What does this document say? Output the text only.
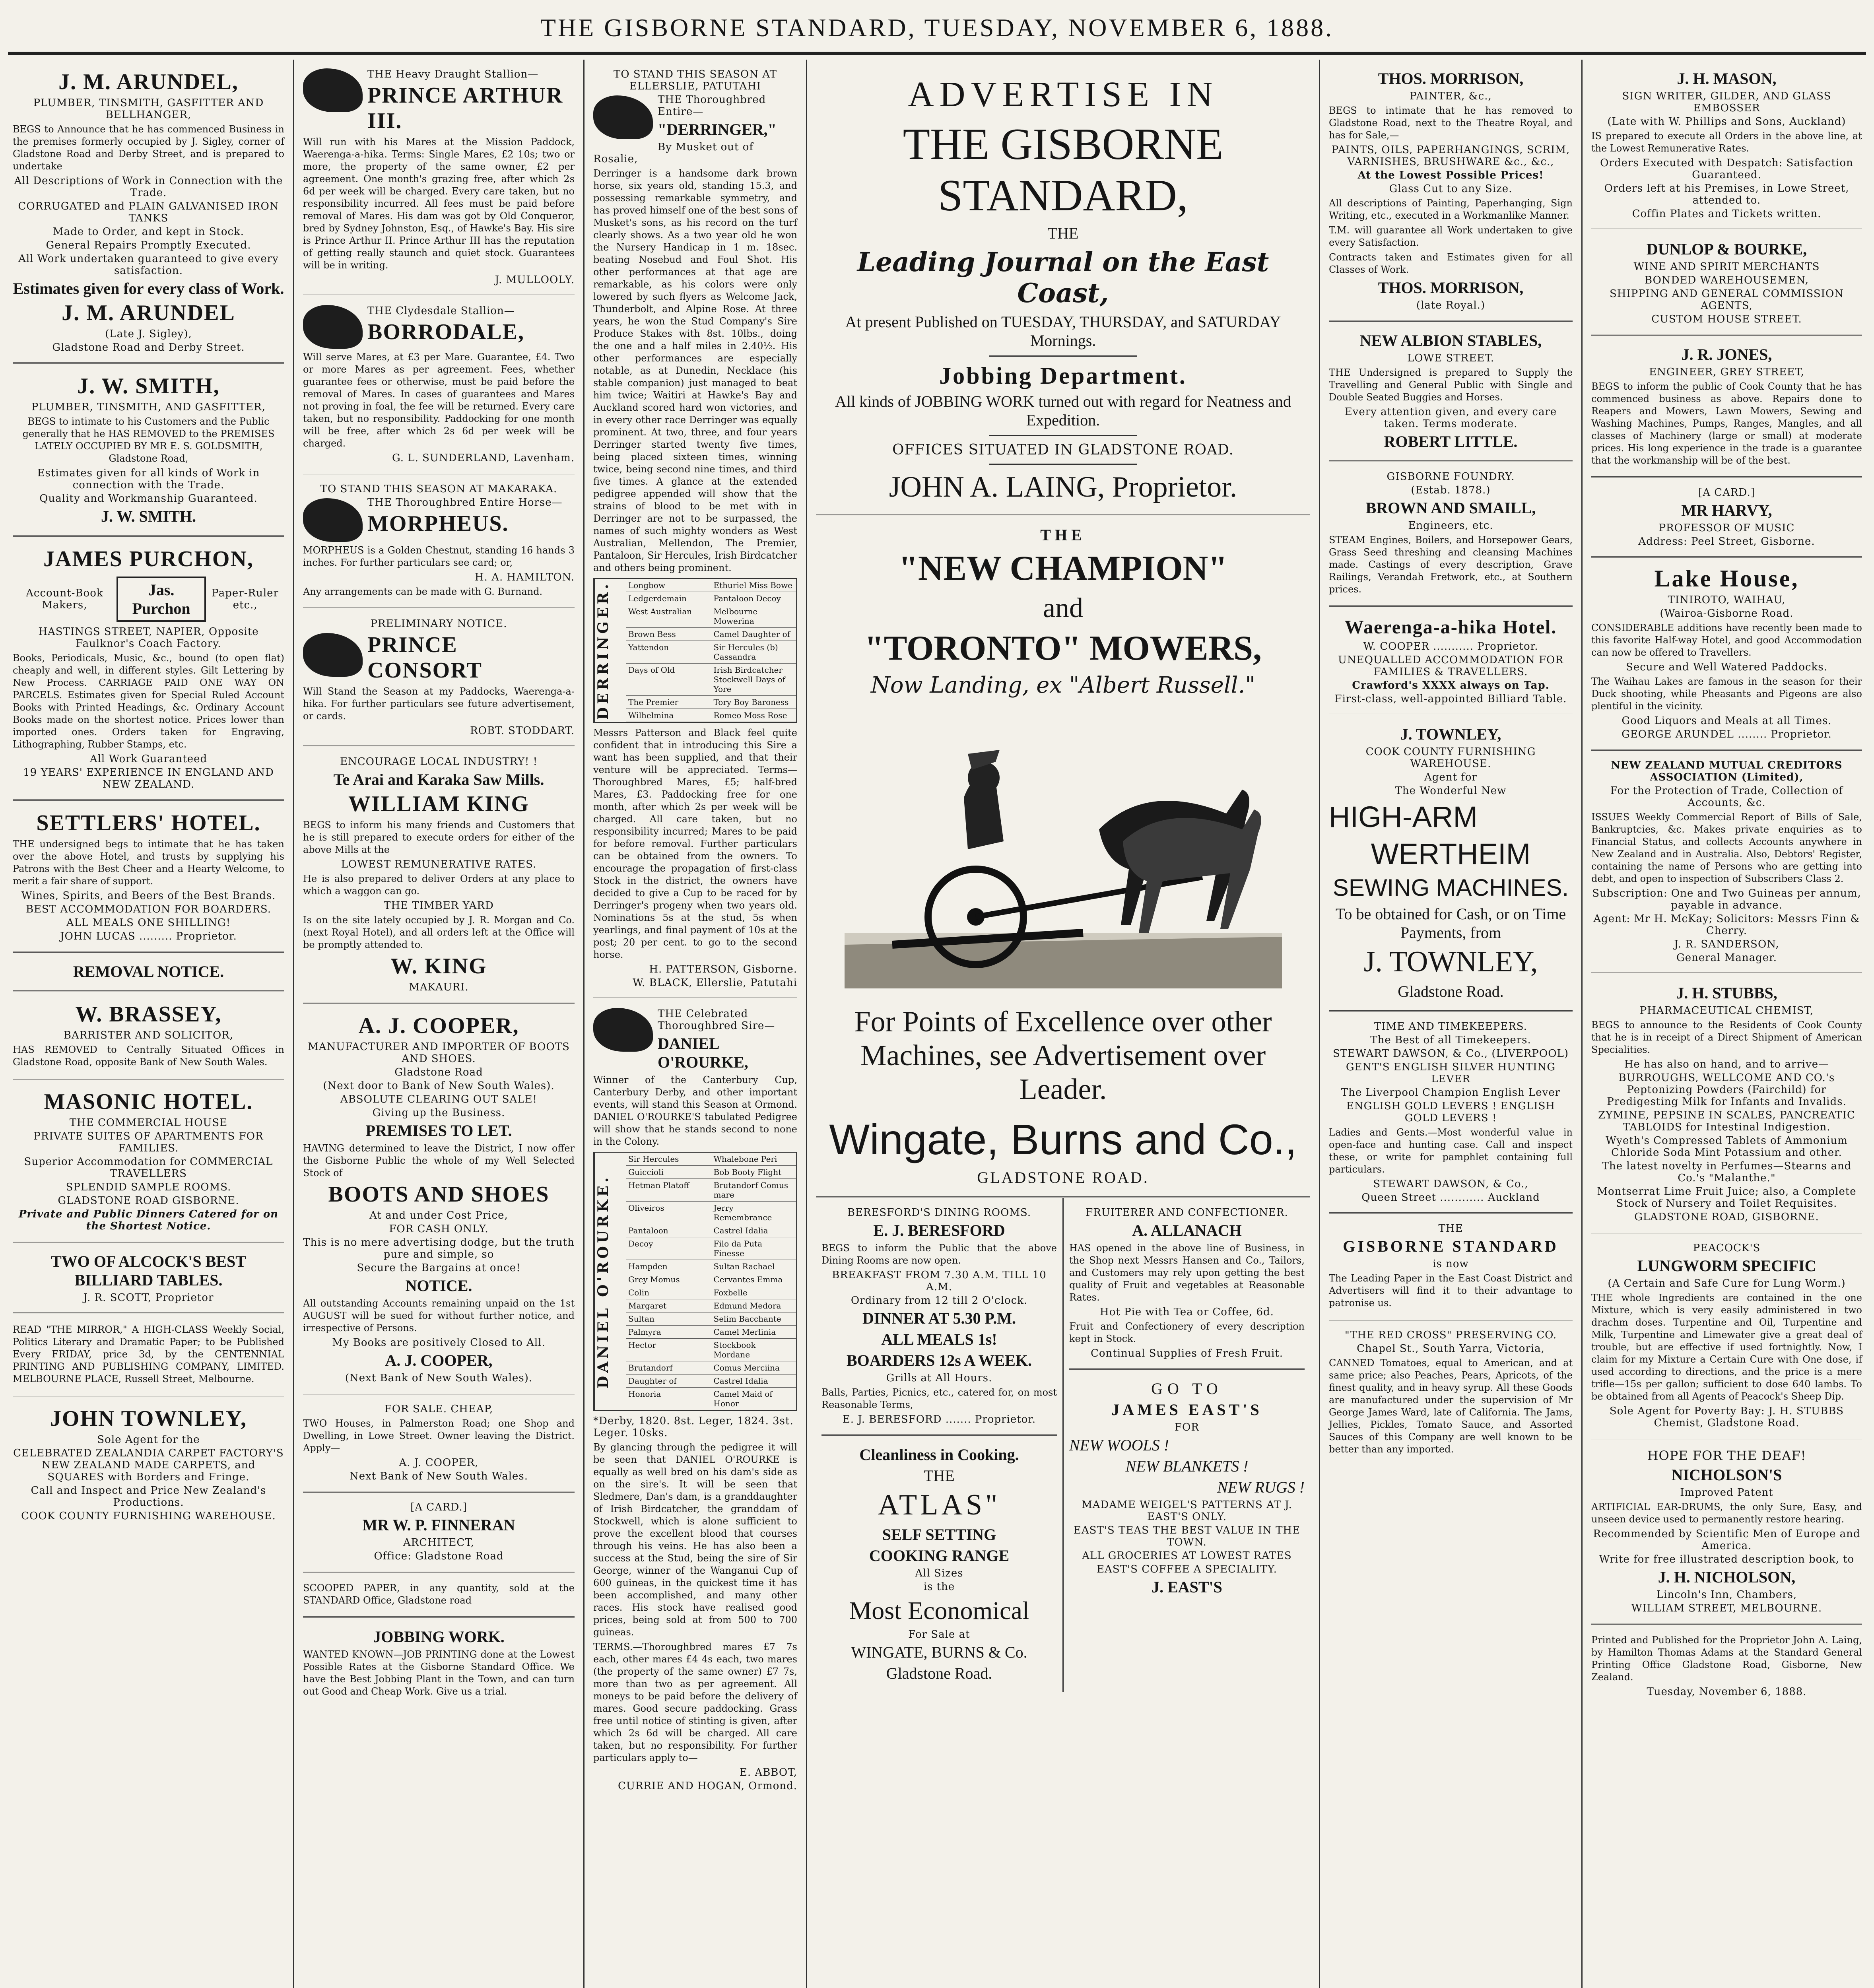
THE GISBORNE STANDARD, TUESDAY, NOVEMBER 6, 1888.
J. M. ARUNDEL,
PLUMBER, TINSMITH, GASFITTER AND BELLHANGER,
BEGS to Announce that he has commenced Business in the premises formerly occupied by J. Sigley, corner of Gladstone Road and Derby Street, and is prepared to undertake
All Descriptions of Work in Connection with the Trade.
CORRUGATED and PLAIN GALVANISED IRON TANKS
Made to Order, and kept in Stock.
General Repairs Promptly Executed.
All Work undertaken guaranteed to give every satisfaction.
Estimates given for every class of Work.
J. M. ARUNDEL
(Late J. Sigley),
Gladstone Road and Derby Street.
J. W. SMITH,
PLUMBER, TINSMITH, AND GASFITTER,
BEGS to intimate to his Customers and the Public generally that he HAS REMOVED to the PREMISES LATELY OCCUPIED BY MR E. S. GOLDSMITH, Gladstone Road,
Estimates given for all kinds of Work in connection with the Trade.
Quality and Workmanship Guaranteed.
J. W. SMITH.
JAMES PURCHON,
Account-Book Makers,
Jas. Purchon
Paper-Ruler etc.,
HASTINGS STREET, NAPIER, Opposite Faulknor's Coach Factory.
Books, Periodicals, Music, &c., bound (to open flat) cheaply and well, in different styles. Gilt Lettering by New Process. CARRIAGE PAID ONE WAY ON PARCELS. Estimates given for Special Ruled Account Books with Printed Headings, &c. Ordinary Account Books made on the shortest notice. Prices lower than imported ones. Orders taken for Engraving, Lithographing, Rubber Stamps, etc.
All Work Guaranteed
19 YEARS' EXPERIENCE IN ENGLAND AND NEW ZEALAND.
SETTLERS' HOTEL.
THE undersigned begs to intimate that he has taken over the above Hotel, and trusts by supplying his Patrons with the Best Cheer and a Hearty Welcome, to merit a fair share of support.
Wines, Spirits, and Beers of the Best Brands.
BEST ACCOMMODATION FOR BOARDERS.
ALL MEALS ONE SHILLING!
JOHN LUCAS ......... Proprietor.
REMOVAL NOTICE.
W. BRASSEY,
BARRISTER AND SOLICITOR,
HAS REMOVED to Centrally Situated Offices in Gladstone Road, opposite Bank of New South Wales.
MASONIC HOTEL.
THE COMMERCIAL HOUSE
PRIVATE SUITES OF APARTMENTS FOR FAMILIES.
Superior Accommodation for COMMERCIAL TRAVELLERS
SPLENDID SAMPLE ROOMS.
GLADSTONE ROAD GISBORNE.
Private and Public Dinners Catered for on the Shortest Notice.
TWO OF ALCOCK'S BEST BILLIARD TABLES.
J. R. SCOTT, Proprietor
READ "THE MIRROR," A HIGH-CLASS Weekly Social, Politics Literary and Dramatic Paper; to be Published Every FRIDAY, price 3d, by the CENTENNIAL PRINTING AND PUBLISHING COMPANY, LIMITED. MELBOURNE PLACE, Russell Street, Melbourne.
JOHN TOWNLEY,
Sole Agent for the
CELEBRATED ZEALANDIA CARPET FACTORY'S NEW ZEALAND MADE CARPETS, and SQUARES with Borders and Fringe.
Call and Inspect and Price New Zealand's Productions.
COOK COUNTY FURNISHING WAREHOUSE.
THE Heavy Draught Stallion—
PRINCE ARTHUR III.
Will run with his Mares at the Mission Paddock, Waerenga-a-hika. Terms: Single Mares, £2 10s; two or more, the property of the same owner, £2 per agreement. One month's grazing free, after which 2s 6d per week will be charged. Every care taken, but no responsibility incurred. All fees must be paid before removal of Mares. His dam was got by Old Conqueror, bred by Sydney Johnston, Esq., of Hawke's Bay. His sire is Prince Arthur II. Prince Arthur III has the reputation of getting really staunch and quiet stock. Guarantees will be in writing.
J. MULLOOLY.
THE Clydesdale Stallion—
BORRODALE,
Will serve Mares, at £3 per Mare. Guarantee, £4. Two or more Mares as per agreement. Fees, whether guarantee fees or otherwise, must be paid before the removal of Mares. In cases of guarantees and Mares not proving in foal, the fee will be returned. Every care taken, but no responsibility. Paddocking for one month will be free, after which 2s 6d per week will be charged.
G. L. SUNDERLAND, Lavenham.
TO STAND THIS SEASON AT MAKARAKA.
THE Thoroughbred Entire Horse—
MORPHEUS.
MORPHEUS is a Golden Chestnut, standing 16 hands 3 inches. For further particulars see card; or,
H. A. HAMILTON.
Any arrangements can be made with G. Burnand.
PRELIMINARY NOTICE.
PRINCE CONSORT
Will Stand the Season at my Paddocks, Waerenga-a-hika. For further particulars see future advertisement, or cards.
ROBT. STODDART.
ENCOURAGE LOCAL INDUSTRY! !
Te Arai and Karaka Saw Mills.
WILLIAM KING
BEGS to inform his many friends and Customers that he is still prepared to execute orders for either of the above Mills at the
LOWEST REMUNERATIVE RATES.
He is also prepared to deliver Orders at any place to which a waggon can go.
THE TIMBER YARD
Is on the site lately occupied by J. R. Morgan and Co. (next Royal Hotel), and all orders left at the Office will be promptly attended to.
W. KING
MAKAURI.
A. J. COOPER,
MANUFACTURER AND IMPORTER OF BOOTS AND SHOES.
Gladstone Road
(Next door to Bank of New South Wales).
ABSOLUTE CLEARING OUT SALE!
Giving up the Business.
PREMISES TO LET.
HAVING determined to leave the District, I now offer the Gisborne Public the whole of my Well Selected Stock of
BOOTS AND SHOES
At and under Cost Price,
FOR CASH ONLY.
This is no mere advertising dodge, but the truth pure and simple, so
Secure the Bargains at once!
NOTICE.
All outstanding Accounts remaining unpaid on the 1st AUGUST will be sued for without further notice, and irrespective of Persons.
My Books are positively Closed to All.
A. J. COOPER,
(Next Bank of New South Wales).
FOR SALE. CHEAP,
TWO Houses, in Palmerston Road; one Shop and Dwelling, in Lowe Street. Owner leaving the District. Apply—
A. J. COOPER,
Next Bank of New South Wales.
[A CARD.]
MR W. P. FINNERAN
ARCHITECT,
Office: Gladstone Road
SCOOPED PAPER, in any quantity, sold at the STANDARD Office, Gladstone road
JOBBING WORK.
WANTED KNOWN—JOB PRINTING done at the Lowest Possible Rates at the Gisborne Standard Office. We have the Best Jobbing Plant in the Town, and can turn out Good and Cheap Work. Give us a trial.
TO STAND THIS SEASON AT ELLERSLIE, PATUTAHI
THE Thoroughbred Entire—
"DERRINGER,"
By Musket out of Rosalie,
Derringer is a handsome dark brown horse, six years old, standing 15.3, and possessing remarkable symmetry, and has proved himself one of the best sons of Musket's sons, as his record on the turf clearly shows. As a two year old he won the Nursery Handicap in 1 m. 18sec. beating Nosebud and Foul Shot. His other performances at that age are remarkable, as his colors were only lowered by such flyers as Welcome Jack, Thunderbolt, and Alpine Rose. At three years, he won the Stud Company's Sire Produce Stakes with 8st. 10lbs., doing the one and a half miles in 2.40½. His other performances are especially notable, as at Dunedin, Necklace (his stable companion) just managed to beat him twice; Waitiri at Hawke's Bay and Auckland scored hard won victories, and in every other race Derringer was equally prominent. At two, three, and four years Derringer started twenty five times, being placed sixteen times, winning twice, being second nine times, and third five times. A glance at the extended pedigree appended will show that the strains of blood to be met with in Derringer are not to be surpassed, the names of such mighty wonders as West Australian, Mellendon, The Premier, Pantaloon, Sir Hercules, Irish Birdcatcher and others being prominent.
DERRINGER.	Longbow	Ethuriel Miss Bowe
Ledgerdemain	Pantaloon Decoy
West Australian	Melbourne Mowerina
Brown Bess	Camel Daughter of
Yattendon	Sir Hercules (b) Cassandra
Days of Old	Irish Birdcatcher Stockwell Days of Yore
The Premier	Tory Boy Baroness
Wilhelmina	Romeo Moss Rose
Messrs Patterson and Black feel quite confident that in introducing this Sire a want has been supplied, and that their venture will be appreciated. Terms—Thoroughbred Mares, £5; half-bred Mares, £3. Paddocking free for one month, after which 2s per week will be charged. All care taken, but no responsibility incurred; Mares to be paid for before removal. Further particulars can be obtained from the owners. To encourage the propagation of first-class Stock in the district, the owners have decided to give a Cup to be raced for by Derringer's progeny when two years old. Nominations 5s at the stud, 5s when yearlings, and final payment of 10s at the post; 20 per cent. to go to the second horse.
H. PATTERSON, Gisborne.
W. BLACK, Ellerslie, Patutahi
THE Celebrated Thoroughbred Sire—
DANIEL O'ROURKE,
Winner of the Canterbury Cup, Canterbury Derby, and other important events, will stand this Season at Ormond. DANIEL O'ROURKE'S tabulated Pedigree will show that he stands second to none in the Colony.
DANIEL O'ROURKE.
Sir Hercules	Whalebone Peri
Guiccioli	Bob Booty Flight
Hetman Platoff	Brutandorf Comus mare
Oliveiros	Jerry Remembrance
Pantaloon	Castrel Idalia
Decoy	Filo da Puta Finesse
Hampden	Sultan Rachael
Grey Momus	Cervantes Emma
Colin	Foxbelle
Margaret	Edmund Medora
Sultan	Selim Bacchante
Palmyra	Camel Merlinia
Hector	Stockbook Mordane
Brutandorf	Comus Merciina
Daughter of	Castrel Idalia
Honoria	Camel Maid of Honor
*Derby, 1820. 8st. Leger, 1824. 3st. Leger. 10sks.
By glancing through the pedigree it will be seen that DANIEL O'ROURKE is equally as well bred on his dam's side as on the sire's. It will be seen that Sledmere, Dan's dam, is a granddaughter of Irish Birdcatcher, the granddam of Stockwell, which is alone sufficient to prove the excellent blood that courses through his veins. He has also been a success at the Stud, being the sire of Sir George, winner of the Wanganui Cup of 600 guineas, in the quickest time it has been accomplished, and many other races. His stock have realised good prices, being sold at from 500 to 700 guineas.
TERMS.—Thoroughbred mares £7 7s each, other mares £4 4s each, two mares (the property of the same owner) £7 7s, more than two as per agreement. All moneys to be paid before the delivery of mares. Good secure paddocking. Grass free until notice of stinting is given, after which 2s 6d will be charged. All care taken, but no responsibility. For further particulars apply to—
E. ABBOT,
CURRIE AND HOGAN, Ormond.
ADVERTISE IN
THE GISBORNE STANDARD,
THE
Leading Journal on the East Coast,
At present Published on TUESDAY, THURSDAY, and SATURDAY Mornings.
Jobbing Department.
All kinds of JOBBING WORK turned out with regard for Neatness and Expedition.
OFFICES SITUATED IN GLADSTONE ROAD.
JOHN A. LAING, Proprietor.
THE
"NEW CHAMPION"
and
"TORONTO" MOWERS,
Now Landing, ex "Albert Russell."
For Points of Excellence over other Machines, see Advertisement over Leader.
Wingate, Burns and Co.,
GLADSTONE ROAD.
BERESFORD'S DINING ROOMS.
E. J. BERESFORD
BEGS to inform the Public that the above Dining Rooms are now open.
BREAKFAST FROM 7.30 A.M. TILL 10 A.M.
Ordinary from 12 till 2 O'clock.
DINNER AT 5.30 P.M.
ALL MEALS 1s!
BOARDERS 12s A WEEK.
Grills at All Hours.
Balls, Parties, Picnics, etc., catered for, on most Reasonable Terms,
E. J. BERESFORD ....... Proprietor.
Cleanliness in Cooking.
THE
ATLAS"
SELF SETTING
COOKING RANGE
All Sizes
is the
Most Economical
For Sale at
WINGATE, BURNS & Co.
Gladstone Road.
FRUITERER AND CONFECTIONER.
A. ALLANACH
HAS opened in the above line of Business, in the Shop next Messrs Hansen and Co., Tailors, and Customers may rely upon getting the best quality of Fruit and vegetables at Reasonable Rates.
Hot Pie with Tea or Coffee, 6d.
Fruit and Confectionery of every description kept in Stock.
Continual Supplies of Fresh Fruit.
GO TO
JAMES EAST'S
FOR
NEW WOOLS !
NEW BLANKETS !
NEW RUGS !
MADAME WEIGEL'S PATTERNS AT J. EAST'S ONLY.
EAST'S TEAS THE BEST VALUE IN THE TOWN.
ALL GROCERIES AT LOWEST RATES
EAST'S COFFEE A SPECIALITY.
J. EAST'S
THOS. MORRISON,
PAINTER, &c.,
BEGS to intimate that he has removed to Gladstone Road, next to the Theatre Royal, and has for Sale,—
PAINTS, OILS, PAPERHANGINGS, SCRIM, VARNISHES, BRUSHWARE &c., &c.,
At the Lowest Possible Prices!
Glass Cut to any Size.
All descriptions of Painting, Paperhanging, Sign Writing, etc., executed in a Workmanlike Manner.
T.M. will guarantee all Work undertaken to give every Satisfaction.
Contracts taken and Estimates given for all Classes of Work.
THOS. MORRISON,
(late Royal.)
NEW ALBION STABLES,
LOWE STREET.
THE Undersigned is prepared to Supply the Travelling and General Public with Single and Double Seated Buggies and Horses.
Every attention given, and every care taken. Terms moderate.
ROBERT LITTLE.
GISBORNE FOUNDRY.
(Estab. 1878.)
BROWN AND SMAILL,
Engineers, etc.
STEAM Engines, Boilers, and Horsepower Gears, Grass Seed threshing and cleansing Machines made. Castings of every description, Grave Railings, Verandah Fretwork, etc., at Southern prices.
Waerenga-a-hika Hotel.
W. COOPER ........... Proprietor.
UNEQUALLED ACCOMMODATION FOR FAMILIES & TRAVELLERS.
Crawford's XXXX always on Tap.
First-class, well-appointed Billiard Table.
J. TOWNLEY,
COOK COUNTY FURNISHING WAREHOUSE.
Agent for
The Wonderful New
HIGH-ARM
WERTHEIM
SEWING MACHINES.
To be obtained for Cash, or on Time Payments, from
J. TOWNLEY,
Gladstone Road.
TIME AND TIMEKEEPERS.
The Best of all Timekeepers.
STEWART DAWSON, & Co., (LIVERPOOL)
GENT'S ENGLISH SILVER HUNTING LEVER
The Liverpool Champion English Lever
ENGLISH GOLD LEVERS ! ENGLISH GOLD LEVERS !
Ladies and Gents.—Most wonderful value in open-face and hunting case. Call and inspect these, or write for pamphlet containing full particulars.
STEWART DAWSON, & Co.,
Queen Street ............ Auckland
THE
GISBORNE STANDARD
is now
The Leading Paper in the East Coast District and Advertisers will find it to their advantage to patronise us.
"THE RED CROSS" PRESERVING CO.
Chapel St., South Yarra, Victoria,
CANNED Tomatoes, equal to American, and at same price; also Peaches, Pears, Apricots, of the finest quality, and in heavy syrup. All these Goods are manufactured under the supervision of Mr George James Ward, late of California. The Jams, Jellies, Pickles, Tomato Sauce, and Assorted Sauces of this Company are well known to be better than any imported.
J. H. MASON,
SIGN WRITER, GILDER, AND GLASS EMBOSSER
(Late with W. Phillips and Sons, Auckland)
IS prepared to execute all Orders in the above line, at the Lowest Remunerative Rates.
Orders Executed with Despatch: Satisfaction Guaranteed.
Orders left at his Premises, in Lowe Street, attended to.
Coffin Plates and Tickets written.
DUNLOP & BOURKE,
WINE AND SPIRIT MERCHANTS
BONDED WAREHOUSEMEN,
SHIPPING AND GENERAL COMMISSION AGENTS,
CUSTOM HOUSE STREET.
J. R. JONES,
ENGINEER, GREY STREET,
BEGS to inform the public of Cook County that he has commenced business as above. Repairs done to Reapers and Mowers, Lawn Mowers, Sewing and Washing Machines, Pumps, Ranges, Mangles, and all classes of Machinery (large or small) at moderate prices. His long experience in the trade is a guarantee that the workmanship will be of the best.
[A CARD.]
MR HARVY,
PROFESSOR OF MUSIC
Address: Peel Street, Gisborne.
Lake House,
TINIROTO, WAIHAU,
(Wairoa-Gisborne Road.
CONSIDERABLE additions have recently been made to this favorite Half-way Hotel, and good Accommodation can now be offered to Travellers.
Secure and Well Watered Paddocks.
The Waihau Lakes are famous in the season for their Duck shooting, while Pheasants and Pigeons are also plentiful in the vicinity.
Good Liquors and Meals at all Times.
GEORGE ARUNDEL ........ Proprietor.
NEW ZEALAND MUTUAL CREDITORS ASSOCIATION (Limited),
For the Protection of Trade, Collection of Accounts, &c.
ISSUES Weekly Commercial Report of Bills of Sale, Bankruptcies, &c. Makes private enquiries as to Financial Status, and collects Accounts anywhere in New Zealand and in Australia. Also, Debtors' Register, containing the name of Persons who are getting into debt, and open to inspection of Subscribers Class 2.
Subscription: One and Two Guineas per annum, payable in advance.
Agent: Mr H. McKay; Solicitors: Messrs Finn & Cherry.
J. R. SANDERSON,
General Manager.
J. H. STUBBS,
PHARMACEUTICAL CHEMIST,
BEGS to announce to the Residents of Cook County that he is in receipt of a Direct Shipment of American Specialities.
He has also on hand, and to arrive—
BURROUGHS, WELLCOME AND CO.'s Peptonizing Powders (Fairchild) for Predigesting Milk for Infants and Invalids.
ZYMINE, PEPSINE IN SCALES, PANCREATIC TABLOIDS for Intestinal Indigestion.
Wyeth's Compressed Tablets of Ammonium Chloride Soda Mint Potassium and other.
The latest novelty in Perfumes—Stearns and Co.'s "Malanthe."
Montserrat Lime Fruit Juice; also, a Complete Stock of Nursery and Toilet Requisites.
GLADSTONE ROAD, GISBORNE.
PEACOCK'S
LUNGWORM SPECIFIC
(A Certain and Safe Cure for Lung Worm.)
THE whole Ingredients are contained in the one Mixture, which is very easily administered in two drachm doses. Turpentine and Oil, Turpentine and Milk, Turpentine and Limewater give a great deal of trouble, but are effective if used fortnightly. Now, I claim for my Mixture a Certain Cure with One dose, if used according to directions, and the price is a mere trifle—15s per gallon; sufficient to dose 640 lambs. To be obtained from all Agents of Peacock's Sheep Dip.
Sole Agent for Poverty Bay: J. H. STUBBS Chemist, Gladstone Road.
HOPE FOR THE DEAF!
NICHOLSON'S
Improved Patent
ARTIFICIAL EAR-DRUMS, the only Sure, Easy, and unseen device used to permanently restore hearing.
Recommended by Scientific Men of Europe and America.
Write for free illustrated description book, to
J. H. NICHOLSON,
Lincoln's Inn, Chambers,
WILLIAM STREET, MELBOURNE.
Printed and Published for the Proprietor John A. Laing, by Hamilton Thomas Adams at the Standard General Printing Office Gladstone Road, Gisborne, New Zealand.
Tuesday, November 6, 1888.
